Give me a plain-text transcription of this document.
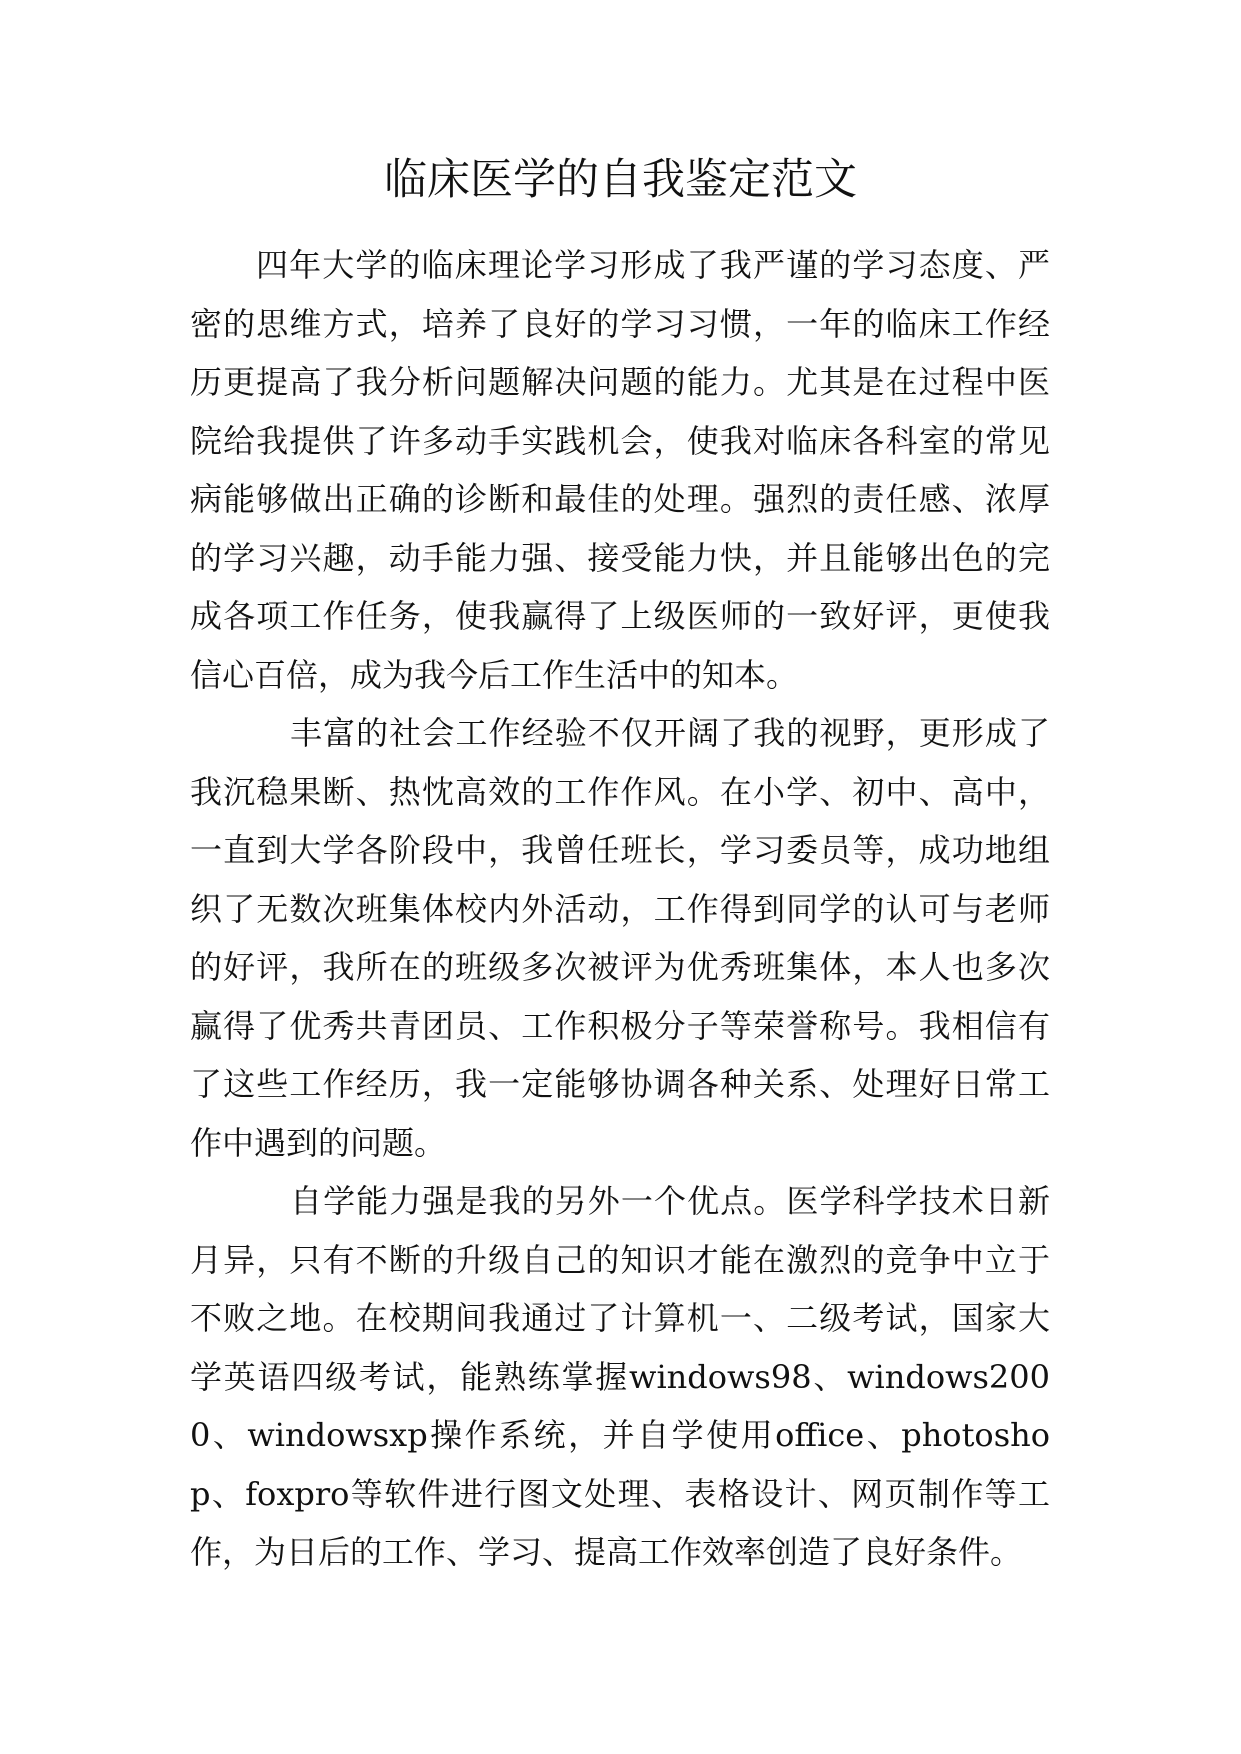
临床医学的自我鉴定范文

四年大学的临床理论学习形成了我严谨的学习态度、严密的思维方式，培养了良好的学习习惯，一年的临床工作经历更提高了我分析问题解决问题的能力。尤其是在过程中医院给我提供了许多动手实践机会，使我对临床各科室的常见病能够做出正确的诊断和最佳的处理。强烈的责任感、浓厚的学习兴趣，动手能力强、接受能力快，并且能够出色的完成各项工作任务，使我赢得了上级医师的一致好评，更使我信心百倍，成为我今后工作生活中的知本。

丰富的社会工作经验不仅开阔了我的视野，更形成了我沉稳果断、热忱高效的工作作风。在小学、初中、高中，一直到大学各阶段中，我曾任班长，学习委员等，成功地组织了无数次班集体校内外活动，工作得到同学的认可与老师的好评，我所在的班级多次被评为优秀班集体，本人也多次赢得了优秀共青团员、工作积极分子等荣誉称号。我相信有了这些工作经历，我一定能够协调各种关系、处理好日常工作中遇到的问题。

自学能力强是我的另外一个优点。医学科学技术日新月异，只有不断的升级自己的知识才能在激烈的竞争中立于不败之地。在校期间我通过了计算机一、二级考试，国家大学英语四级考试，能熟练掌握windows98、windows2000、windowsxp操作系统，并自学使用office、photoshop、foxpro等软件进行图文处理、表格设计、网页制作等工作，为日后的工作、学习、提高工作效率创造了良好条件。
